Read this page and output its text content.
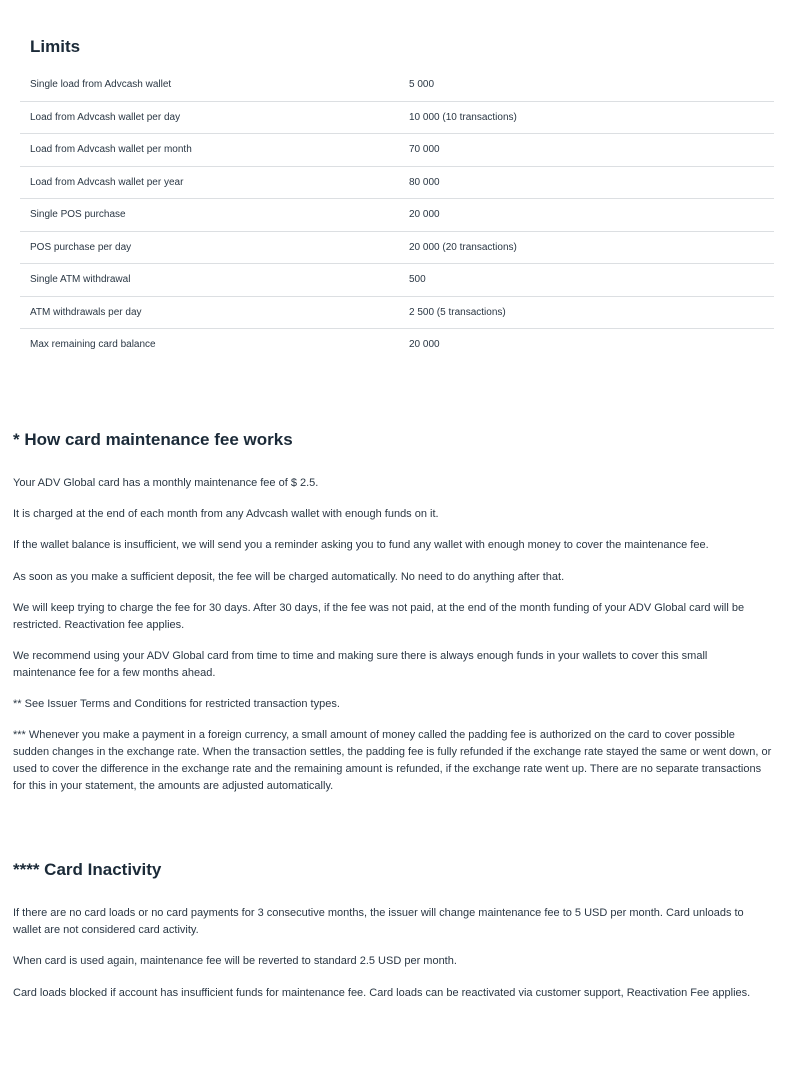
Limits
Single load from Advcash wallet	5 000
Load from Advcash wallet per day	10 000 (10 transactions)
Load from Advcash wallet per month	70 000
Load from Advcash wallet per year	80 000
Single POS purchase	20 000
POS purchase per day	20 000 (20 transactions)
Single ATM withdrawal	500
ATM withdrawals per day	2 500 (5 transactions)
Max remaining card balance	20 000
* How card maintenance fee works

Your ADV Global card has a monthly maintenance fee of $ 2.5.

It is charged at the end of each month from any Advcash wallet with enough funds on it.

If the wallet balance is insufficient, we will send you a reminder asking you to fund any wallet with enough money to cover the maintenance fee.

As soon as you make a sufficient deposit, the fee will be charged automatically. No need to do anything after that.

We will keep trying to charge the fee for 30 days. After 30 days, if the fee was not paid, at the end of the month funding of your ADV Global card will be restricted. Reactivation fee applies.

We recommend using your ADV Global card from time to time and making sure there is always enough funds in your wallets to cover this small maintenance fee for a few months ahead.

** See Issuer Terms and Conditions for restricted transaction types.

*** Whenever you make a payment in a foreign currency, a small amount of money called the padding fee is authorized on the card to cover possible sudden changes in the exchange rate. When the transaction settles, the padding fee is fully refunded if the exchange rate stayed the same or went down, or used to cover the difference in the exchange rate and the remaining amount is refunded, if the exchange rate went up. There are no separate transactions for this in your statement, the amounts are adjusted automatically.

**** Card Inactivity

If there are no card loads or no card payments for 3 consecutive months, the issuer will change maintenance fee to 5 USD per month. Card unloads to wallet are not considered card activity.

When card is used again, maintenance fee will be reverted to standard 2.5 USD per month.

Card loads blocked if account has insufficient funds for maintenance fee. Card loads can be reactivated via customer support, Reactivation Fee applies.
